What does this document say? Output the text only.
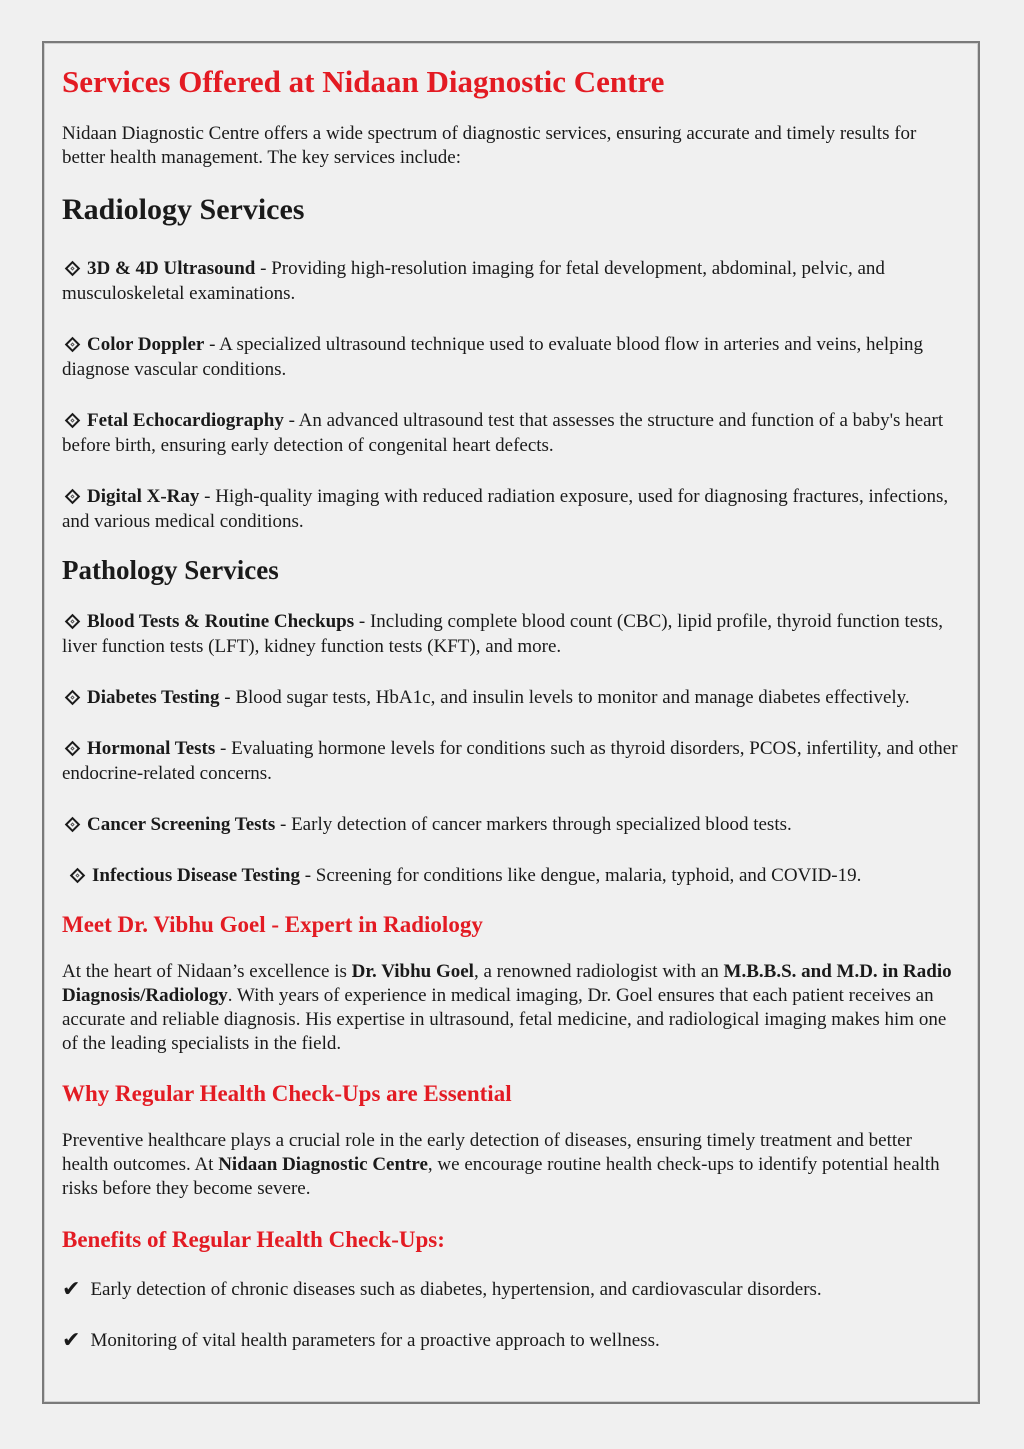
Services Offered at Nidaan Diagnostic Centre

Nidaan Diagnostic Centre offers a wide spectrum of diagnostic services, ensuring accurate and timely results for better health management. The key services include:

Radiology Services

3D & 4D Ultrasound - Providing high-resolution imaging for fetal development, abdominal, pelvic, and musculoskeletal examinations.

Color Doppler - A specialized ultrasound technique used to evaluate blood flow in arteries and veins, helping diagnose vascular conditions.

Fetal Echocardiography - An advanced ultrasound test that assesses the structure and function of a baby's heart before birth, ensuring early detection of congenital heart defects.

Digital X-Ray - High-quality imaging with reduced radiation exposure, used for diagnosing fractures, infections, and various medical conditions.

Pathology Services

Blood Tests & Routine Checkups - Including complete blood count (CBC), lipid profile, thyroid function tests, liver function tests (LFT), kidney function tests (KFT), and more.

Diabetes Testing - Blood sugar tests, HbA1c, and insulin levels to monitor and manage diabetes effectively.

Hormonal Tests - Evaluating hormone levels for conditions such as thyroid disorders, PCOS, infertility, and other endocrine-related concerns.

Cancer Screening Tests - Early detection of cancer markers through specialized blood tests.

Infectious Disease Testing - Screening for conditions like dengue, malaria, typhoid, and COVID-19.

Meet Dr. Vibhu Goel - Expert in Radiology

At the heart of Nidaan’s excellence is Dr. Vibhu Goel, a renowned radiologist with an M.B.B.S. and M.D. in Radio Diagnosis/Radiology. With years of experience in medical imaging, Dr. Goel ensures that each patient receives an accurate and reliable diagnosis. His expertise in ultrasound, fetal medicine, and radiological imaging makes him one of the leading specialists in the field.

Why Regular Health Check-Ups are Essential

Preventive healthcare plays a crucial role in the early detection of diseases, ensuring timely treatment and better health outcomes. At Nidaan Diagnostic Centre, we encourage routine health check-ups to identify potential health risks before they become severe.

Benefits of Regular Health Check-Ups:

✔ Early detection of chronic diseases such as diabetes, hypertension, and cardiovascular disorders.

✔ Monitoring of vital health parameters for a proactive approach to wellness.
